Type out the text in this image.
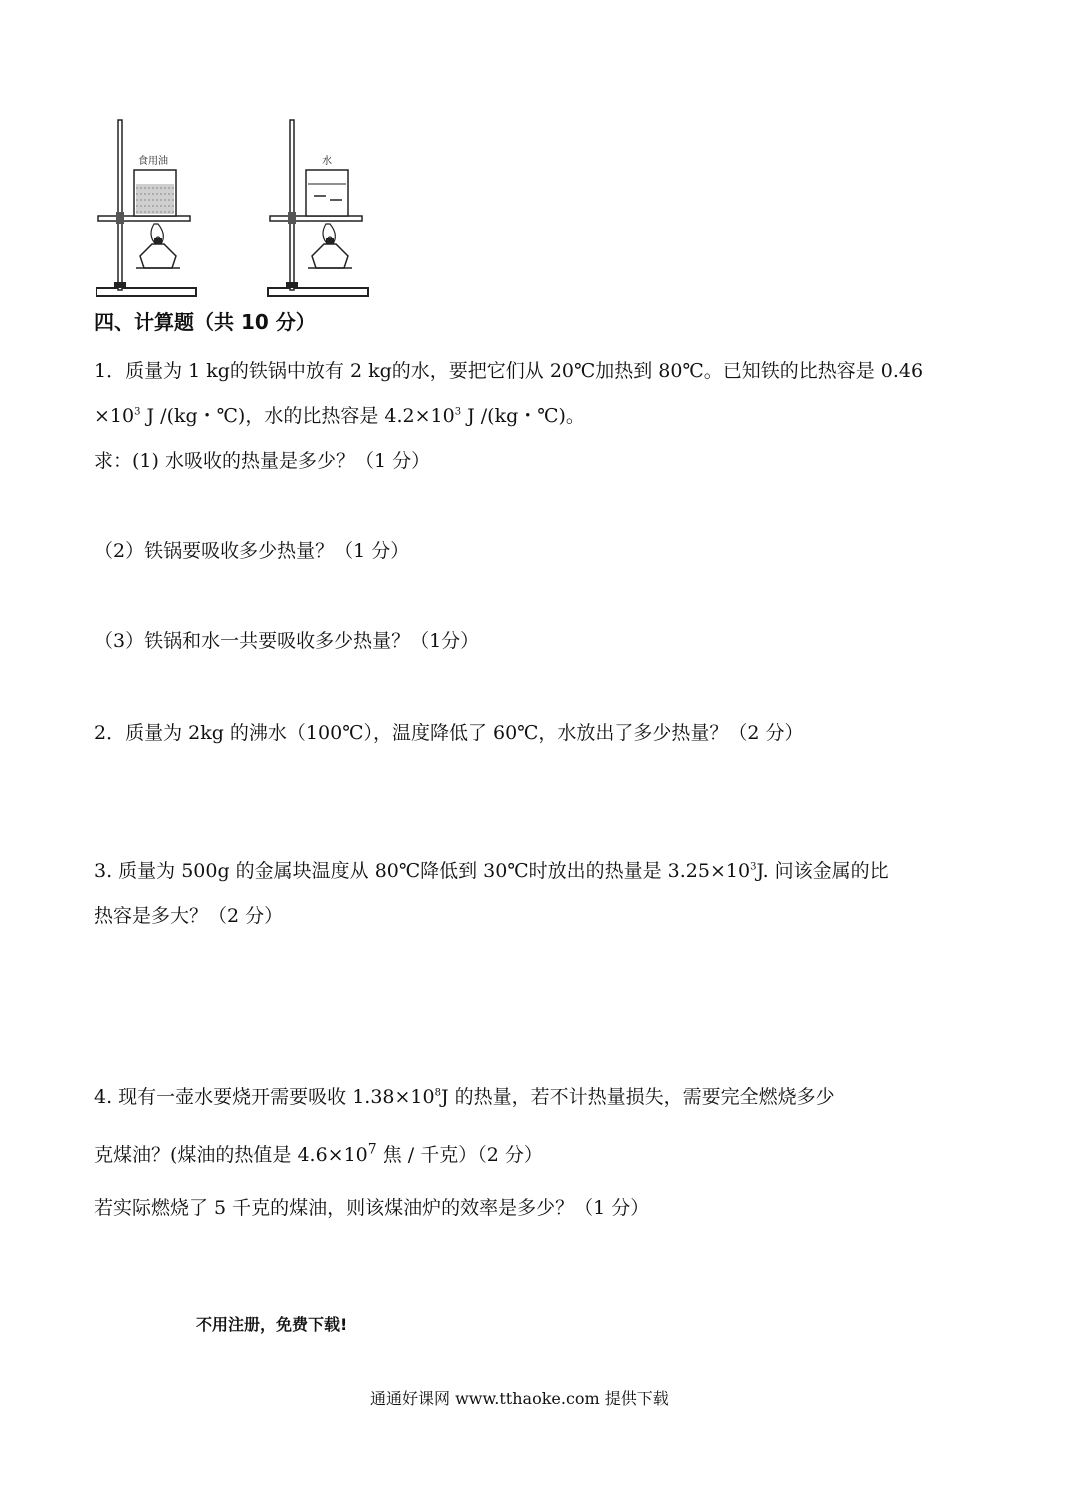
食用油	水
四、计算题（共 10 分）
1．质量为 1 kg的铁锅中放有 2 kg的水，要把它们从 20℃加热到 80℃。已知铁的比热容是 0.46
$\times 10^3$ J /(kg・℃)，水的比热容是 $4.2\times 10^3$ J /(kg・℃)。
求：(1) 水吸收的热量是多少？（1 分）
（2）铁锅要吸收多少热量？（1 分）
（3）铁锅和水一共要吸收多少热量？（1分）
2．质量为 2kg 的沸水（100℃），温度降低了 60℃，水放出了多少热量？（2 分）
3. 质量为 500g 的金属块温度从 80℃降低到 30℃时放出的热量是 $3.25\times 10^3J$. 问该金属的比
热容是多大？（2 分）
4. 现有一壶水要烧开需要吸收 $1.38\times 10^8J$ 的热量，若不计热量损失，需要完全燃烧多少
克煤油？(煤油的热值是 $4.6\times 10^7$ 焦 / 千克）（2 分）
若实际燃烧了 5 千克的煤油，则该煤油炉的效率是多少？（1 分）
不用注册，免费下载!
通通好课网 www.tthaoke.com 提供下载
